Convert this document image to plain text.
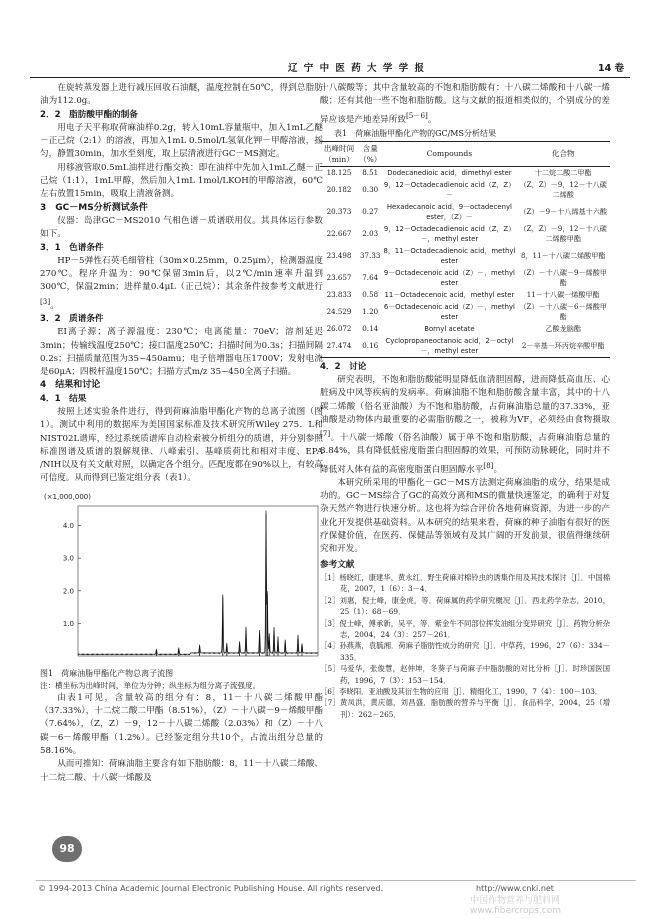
辽 宁 中 医 药 大 学 学 报	14 卷

在旋转蒸发器上进行减压回收石油醚，温度控制在50℃，得到总脂肪油为112.0g。

2．2　脂肪酸甲酯的制备

用电子天平称取荷麻油样0.2g，转入10mL容量瓶中，加入1mL乙醚－正己烷（2:1）的溶液，再加入1mL 0.5mol/L氢氧化钾－甲醇溶液，摇匀，静置30min，加水至刻度，取上层清液进行GC－MS测定。

用移液管取0.5mL油样进行酯交换：即在油样中先加入1mL乙醚－正己烷（1:1），1mL甲醇，然后加入1mL 1mol/LKOH的甲醇溶液，60℃左右放置15min，吸取上清液备测。

3　GC－MS分析测试条件

仪器：岛津GC－MS2010 气相色谱－质谱联用仪。其具体运行参数如下。

3．1　色谱条件

HP－5弹性石英毛细管柱（30m×0.25mm，0.25μm），检测器温度270℃。程序升温为：90℃保留3min后，以2℃/min速率升温到300℃，保温2min；进样量0.4μL（正己烷）；其余条件按参考文献进行[3]。

3．2　质谱条件

EI离子源；离子源温度：230℃；电离能量：70eV；溶剂延迟3min；传输线温度250℃；接口温度250℃；扫描时间为0.3s；扫描间隔0.2s；扫描质量范围为35~450amu；电子倍增器电压1700V；发射电流是60μA；四极杆温度150℃；扫描方式m/z 35~450全离子扫描。

4　结果和讨论

4．1　结果

按照上述实验条件进行，得到荷麻油脂甲酯化产物的总离子流图（图1）。测试中利用的数据库为美国国家标准及技术研究所Wiley 275．L和NIST02L谱库，经过系统质谱库自动检索被分析组分的质谱，并分别参照标准图谱及质谱的裂解规律、八峰索引、基峰质荷比和相对丰度、EPA /NIH以及有关文献对照，以确定各个组分。匹配度都在90%以上，有较高可信度。从而得到已鉴定组分表（表1）。

(×1,000,000)
1.0
2.0
3.0
4.0

图1　荷麻油脂甲酯化产物总离子流图

注：横坐标为出峰时间，单位为分钟；纵坐标为组分离子流强度。

由表1可见，含量较高的组分有：8，11－十八碳二烯酸甲酯（37.33%），十二烷二酸二甲酯（8.51%），（Z）－十八碳－9－烯酸甲酯（7.64%），（Z，Z）－9，12－十八碳二烯酸（2.03%）和（Z）－十八碳－6－烯酸甲酯（1.2%）。已经鉴定组分共10个，占流出组分总量的58.16%。

从而可推知：荷麻油脂主要含有如下脂肪酸：8，11－十八碳二烯酸、十二烷二酸、十八碳一烯酸及

十八碳酸等；其中含量较高的不饱和脂肪酸有：十八碳二烯酸和十八碳一烯酸；还有其他一些不饱和脂肪酸。这与文献的报道相类似的，个别成分的差异应该是产地差异所致[5－6]。

表1　荷麻油脂甲酯化产物的GC/MS分析结果

出峰时间（min）	含量（%）	Compounds	化合物
18.125	8.51	Dodecanedioic acid，dimethyl ester	十二烷二酸二甲酯
20.182	0.30	9，12－Octadecadienoic acid（Z，Z）－	（Z，Z）－9，12－十八碳二烯酸
20.373	0.27	Hexadecanoic acid，9－octadecenyl ester，（Z）－	（Z）－9－十八烯基十六酸
22.667	2.03	9，12－Octadecadienoic acid（Z，Z）－，methyl ester	（Z，Z）－9，12－十八碳二烯酸甲酯
23.498	37.33	8，11－Octadecadienoic acid，methyl ester	8，11－十八碳二烯酸甲酯
23.657	7.64	9－Octadecenoic acid（Z）－，methyl ester	（Z）－十八碳－9－烯酸甲酯
23.833	0.58	11－Octadecenoic acid，methyl ester	11－十八碳一烯酸甲酯
24.529	1.20	6－Octadecenoic acid（Z）－，methyl ester	（Z）－十八碳－6－烯酸甲酯
26.072	0.14	Bornyl acetate	乙酸龙脑酯
27.474	0.16	Cyclopropaneoctanoic acid，2－octyl－，methyl ester	2－辛基－环丙烷辛酸甲酯

4．2　讨论

研究表明，不饱和脂肪酸能明显降低血清胆固醇，进而降低高血压、心脏病及中风等疾病的发病率。荷麻油脂不饱和脂肪酸含量丰富，其中的十八碳二烯酸（俗名亚油酸）为不饱和脂肪酸，占荷麻油脂总量的37.33%，亚油酸是动物体内最重要的必需脂肪酸之一，被称为VF，必须经由食物摄取[7]。十八碳一烯酸（俗名油酸）属于单不饱和脂肪酸，占荷麻油脂总量的8.84%，具有降低低密度脂蛋白胆固醇的效果，可预防动脉硬化，同时并不降低对人体有益的高密度脂蛋白胆固醇水平[8]。

本研究所采用的甲酯化－GC－MS方法测定荷麻油脂的成分，结果是成功的。GC－MS综合了GC的高效分离和MS的微量快速鉴定，的确利于对复杂天然产物进行快速分析。这也将为综合评价各地荷麻资源，为进一步的产业化开发提供基础资料。从本研究的结果来看，荷麻的种子油脂有很好的医疗保健价值，在医药、保健品等领域有及其广阔的开发前景，很值得继续研究和开发。

参考文献

［1］杨晓红，康建华，黄永红．野生荷麻对棉铃虫的诱集作用及其技术探讨［J］．中国棉花，2007，1（6）：3－4．

［2］刘惠，倪士峰，康金虎，等．荷麻属的药学研究概况［J］．西北药学杂志，2010，25（1）：68－69．

［3］倪士峰，傅承新，吴平，等．紫金牛不同部位挥发油组分变异研究［J］．药物分析杂志，2004，24（3）：257－261．

［4］孙燕燕，袁毓湘．荷麻子脂肪性成分的研究［J］．中草药，1996，27（6）：334－335．

［5］马爱华，张俊慧，赵仲坤．冬葵子与荷麻子中脂肪酸的对比分析［J］．时珍国医国药，1996，7（3）：153－154．

［6］李晓阳．亚油酸及其衍生物的应用［J］．精细化工，1990，7（4）：100－103．

［7］黄凤洪，黄庆德，刘昌盛．脂肪酸的营养与平衡［J］．食品科学，2004，25（增刊）：262－265．

98
© 1994-2013 China Academic Journal Electronic Publishing House. All rights reserved.	http://www.cnki.net
中国作物营养与肥料网 www.fibercrops.com
